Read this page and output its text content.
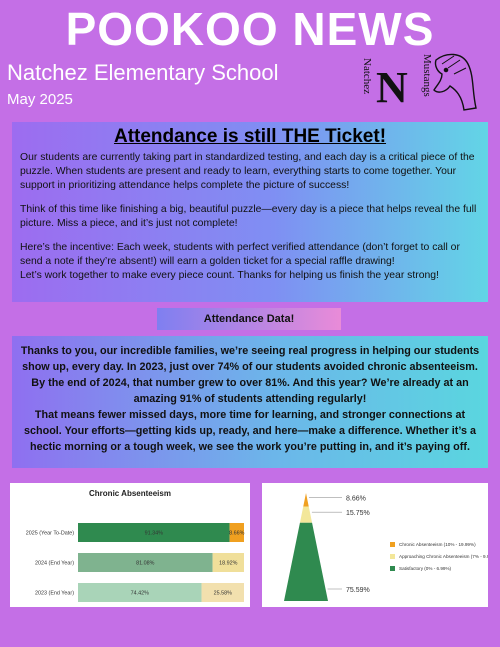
POOKOO NEWS
Natchez Elementary School
May 2025
Natchez N Mustangs
Attendance is still THE Ticket!

Our students are currently taking part in standardized testing, and each day is a critical piece of the puzzle. When students are present and ready to learn, everything starts to come together. Your support in prioritizing attendance helps complete the picture of success!

Think of this time like finishing a big, beautiful puzzle—every day is a piece that helps reveal the full picture. Miss a piece, and it’s just not complete!

Here’s the incentive: Each week, students with perfect verified attendance (don’t forget to call or send a note if they’re absent!) will earn a golden ticket for a special raffle drawing!

Let’s work together to make every piece count. Thanks for helping us finish the year strong!

Attendance Data!

Thanks to you, our incredible families, we’re seeing real progress in helping our students show up, every day. In 2023, just over 74% of our students avoided chronic absenteeism. By the end of 2024, that number grew to over 81%. And this year? We’re already at an amazing 91% of students attending regularly!

That means fewer missed days, more time for learning, and stronger connections at school. Your efforts—getting kids up, ready, and here—make a difference. Whether it’s a hectic morning or a tough week, we see the work you’re putting in, and it’s paying off.

Chronic Absenteeism
2025 (Year To-Date)	91.34%	8.66%
2024 (End Year)	81.08%	18.92%
2023 (End Year)	74.42%	25.58%
8.66%
15.75%
75.59%
Chronic Absenteeism (10% - 19.99%)
Approaching Chronic Absenteeism (7% - 9.99%)
Satisfactory (0% - 6.99%)
